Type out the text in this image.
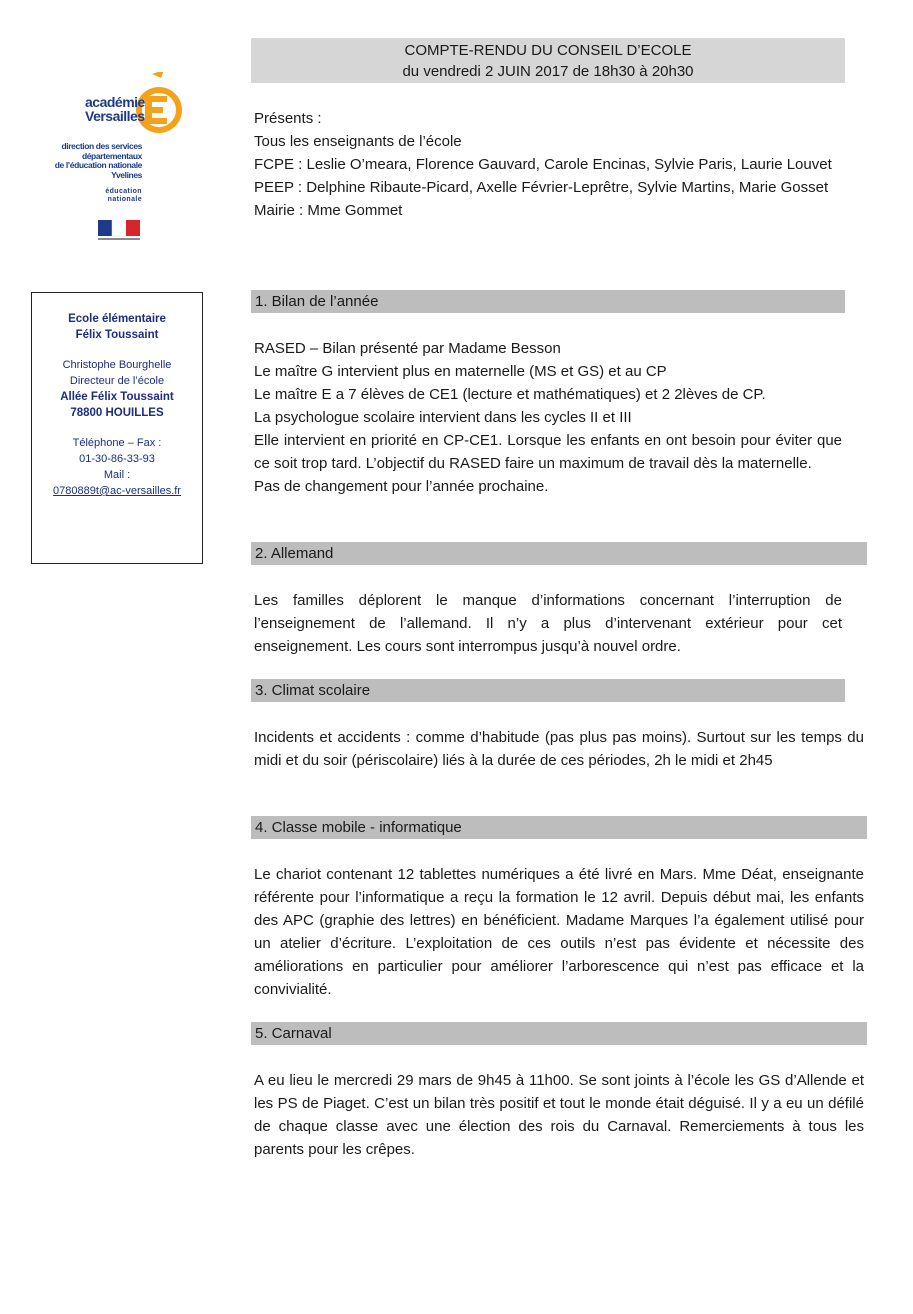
COMPTE-RENDU DU CONSEIL D’ECOLE
du vendredi 2 JUIN 2017 de 18h30 à 20h30
académie
Versailles
direction des services
départementaux
de l’éducation nationale
Yvelines
éducation
nationale
Ecole élémentaire
Félix Toussaint
Christophe Bourghelle
Directeur de l’école
Allée Félix Toussaint
78800 HOUILLES
Téléphone – Fax :
01-30-86-33-93
Mail :
0780889t@ac-versailles.fr

Présents :

Tous les enseignants de l’école

FCPE : Leslie O’meara, Florence Gauvard, Carole Encinas, Sylvie Paris, Laurie Louvet

PEEP : Delphine Ribaute-Picard, Axelle Février-Leprêtre, Sylvie Martins, Marie Gosset

Mairie : Mme Gommet

1. Bilan de l’année

RASED – Bilan présenté par Madame Besson

Le maître G intervient plus en maternelle (MS et GS) et au CP

Le maître E a 7 élèves de CE1 (lecture et mathématiques) et 2 2lèves de CP.

La psychologue scolaire intervient dans les cycles II et III

Elle intervient en priorité en CP-CE1. Lorsque les enfants en ont besoin pour éviter que ce soit trop tard. L’objectif du RASED faire un maximum de travail dès la maternelle.

Pas de changement pour l’année prochaine.

2. Allemand

Les familles déplorent le manque d’informations concernant l’interruption de l’enseignement de l’allemand. Il n’y a plus d’intervenant extérieur pour cet enseignement. Les cours sont interrompus jusqu’à nouvel ordre.

3. Climat scolaire

Incidents et accidents : comme d’habitude (pas plus pas moins). Surtout sur les temps du midi et du soir (périscolaire) liés à la durée de ces périodes, 2h le midi et 2h45

4. Classe mobile - informatique

Le chariot contenant 12 tablettes numériques a été livré en Mars. Mme Déat, enseignante référente pour l’informatique a reçu la formation le 12 avril. Depuis début mai, les enfants des APC (graphie des lettres) en bénéficient. Madame Marques l’a également utilisé pour un atelier d’écriture. L’exploitation de ces outils n’est pas évidente et nécessite des améliorations en particulier pour améliorer l’arborescence qui n’est pas efficace et la convivialité.

5. Carnaval

A eu lieu le mercredi 29 mars de 9h45 à 11h00. Se sont joints à l’école les GS d’Allende et les PS de Piaget. C’est un bilan très positif et tout le monde était déguisé. Il y a eu un défilé de chaque classe avec une élection des rois du Carnaval. Remerciements à tous les parents pour les crêpes.
